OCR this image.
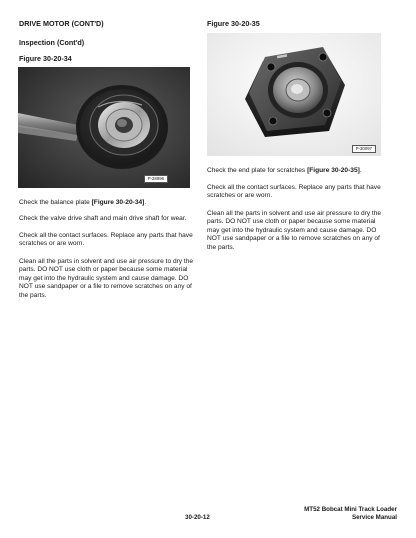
DRIVE MOTOR (CONT'D)
Inspection (Cont'd)
Figure 30-20-34
P-28996
Check the balance plate [Figure 30-20-34].
Check the valve drive shaft and main drive shaft for wear.
Check all the contact surfaces. Replace any parts that have scratches or are worn.
Clean all the parts in solvent and use air pressure to dry the parts. DO NOT use cloth or paper because some material may get into the hydraulic system and cause damage. DO NOT use sandpaper or a file to remove scratches on any of the parts.
Figure 30-20-35
P-30097
Check the end plate for scratches [Figure 30-20-35].
Check all the contact surfaces. Replace any parts that have scratches or are worn.
Clean all the parts in solvent and use air pressure to dry the parts. DO NOT use cloth or paper because some material may get into the hydraulic system and cause damage. DO NOT use sandpaper or a file to remove scratches on any of the parts.
30-20-12
MT52 Bobcat Mini Track Loader
Service Manual
